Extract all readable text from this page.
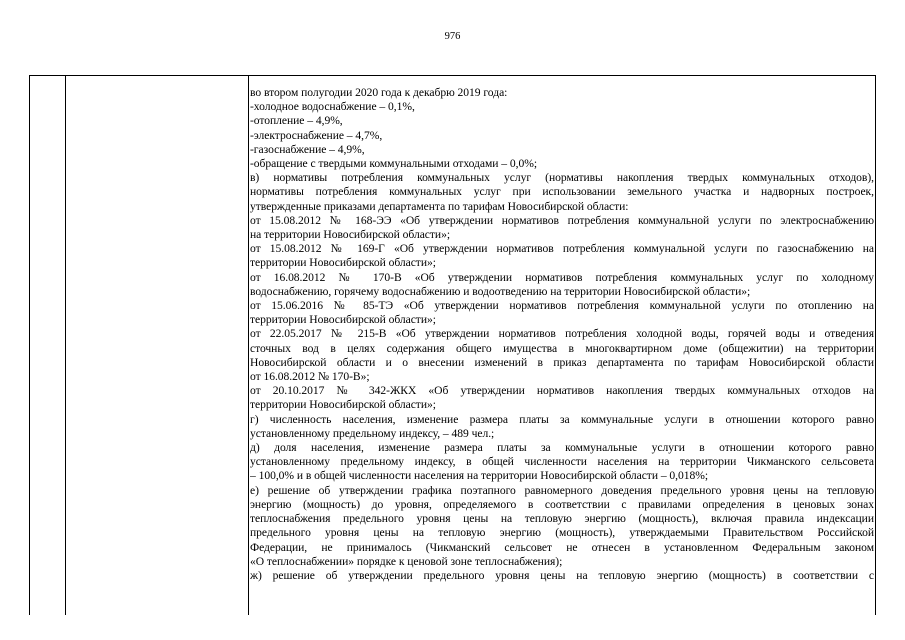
976
во втором полугодии 2020 года к декабрю 2019 года:
-холодное водоснабжение – 0,1%,
-отопление – 4,9%,
-электроснабжение – 4,7%,
-газоснабжение – 4,9%,
-обращение с твердыми коммунальными отходами – 0,0%;
в) нормативы потребления коммунальных услуг (нормативы накопления твердых коммунальных отходов),
нормативы потребления коммунальных услуг при использовании земельного участка и надворных построек,
утвержденные приказами департамента по тарифам Новосибирской области:
от 15.08.2012 № 168-ЭЭ «Об утверждении нормативов потребления коммунальной услуги по электроснабжению
на территории Новосибирской области»;
от 15.08.2012 № 169-Г «Об утверждении нормативов потребления коммунальной услуги по газоснабжению на
территории Новосибирской области»;
от 16.08.2012 № 170-В «Об утверждении нормативов потребления коммунальных услуг по холодному
водоснабжению, горячему водоснабжению и водоотведению на территории Новосибирской области»;
от 15.06.2016 № 85-ТЭ «Об утверждении нормативов потребления коммунальной услуги по отоплению на
территории Новосибирской области»;
от 22.05.2017 № 215-В «Об утверждении нормативов потребления холодной воды, горячей воды и отведения
сточных вод в целях содержания общего имущества в многоквартирном доме (общежитии) на территории
Новосибирской области и о внесении изменений в приказ департамента по тарифам Новосибирской области
от 16.08.2012 № 170-В»;
от 20.10.2017 № 342-ЖКХ «Об утверждении нормативов накопления твердых коммунальных отходов на
территории Новосибирской области»;
г) численность населения, изменение размера платы за коммунальные услуги в отношении которого равно
установленному предельному индексу, – 489 чел.;
д) доля населения, изменение размера платы за коммунальные услуги в отношении которого равно
установленному предельному индексу, в общей численности населения на территории Чикманского сельсовета
– 100,0% и в общей численности населения на территории Новосибирской области – 0,018%;
е) решение об утверждении графика поэтапного равномерного доведения предельного уровня цены на тепловую
энергию (мощность) до уровня, определяемого в соответствии с правилами определения в ценовых зонах
теплоснабжения предельного уровня цены на тепловую энергию (мощность), включая правила индексации
предельного уровня цены на тепловую энергию (мощность), утверждаемыми Правительством Российской
Федерации, не принималось (Чикманский сельсовет не отнесен в установленном Федеральным законом
«О теплоснабжении» порядке к ценовой зоне теплоснабжения);
ж) решение об утверждении предельного уровня цены на тепловую энергию (мощность) в соответствии с
